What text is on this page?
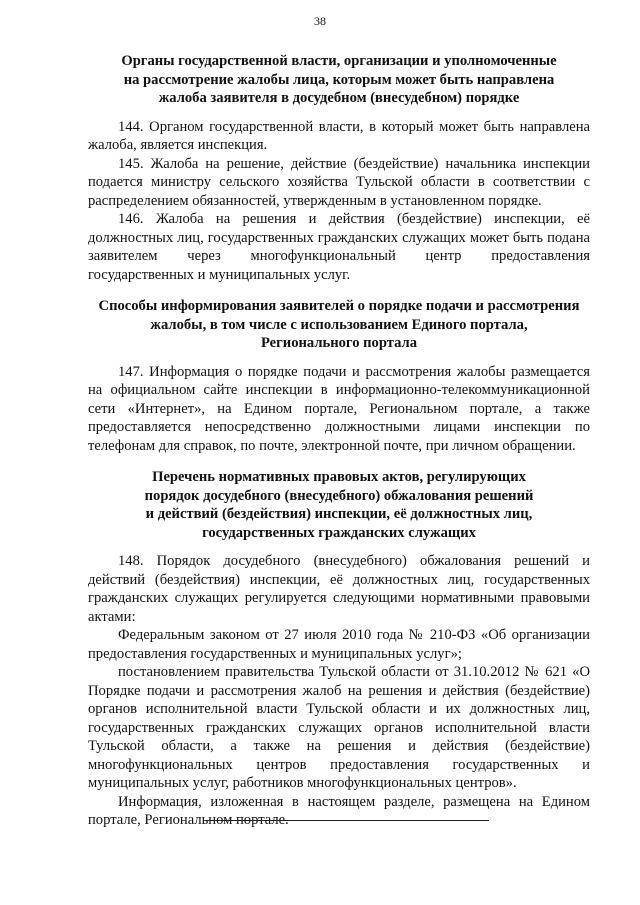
38
Органы государственной власти, организации и уполномоченные
на рассмотрение жалобы лица, которым может быть направлена
жалоба заявителя в досудебном (внесудебном) порядке

144. Органом государственной власти, в который может быть направлена жалоба, является инспекция.

145. Жалоба на решение, действие (бездействие) начальника инспекции подается министру сельского хозяйства Тульской области в соответствии с распределением обязанностей, утвержденным в установленном порядке.

146. Жалоба на решения и действия (бездействие) инспекции, её должностных лиц, государственных гражданских служащих может быть подана заявителем через многофункциональный центр предоставления государственных и муниципальных услуг.

Способы информирования заявителей о порядке подачи и рассмотрения
жалобы, в том числе с использованием Единого портала,
Регионального портала

147. Информация о порядке подачи и рассмотрения жалобы размещается на официальном сайте инспекции в информационно-телекоммуникационной сети «Интернет», на Едином портале, Региональном портале, а также предоставляется непосредственно должностными лицами инспекции по телефонам для справок, по почте, электронной почте, при личном обращении.

Перечень нормативных правовых актов, регулирующих
порядок досудебного (внесудебного) обжалования решений
и действий (бездействия) инспекции, её должностных лиц,
государственных гражданских служащих

148. Порядок досудебного (внесудебного) обжалования решений и действий (бездействия) инспекции, её должностных лиц, государственных гражданских служащих регулируется следующими нормативными правовыми актами:

Федеральным законом от 27 июля 2010 года № 210-ФЗ «Об организации предоставления государственных и муниципальных услуг»;

постановлением правительства Тульской области от 31.10.2012 № 621 «О Порядке подачи и рассмотрения жалоб на решения и действия (бездействие) органов исполнительной власти Тульской области и их должностных лиц, государственных гражданских служащих органов исполнительной власти Тульской области, а также на решения и действия (бездействие) многофункциональных центров предоставления государственных и муниципальных услуг, работников многофункциональных центров».

Информация, изложенная в настоящем разделе, размещена на Едином портале, Региональном портале.
